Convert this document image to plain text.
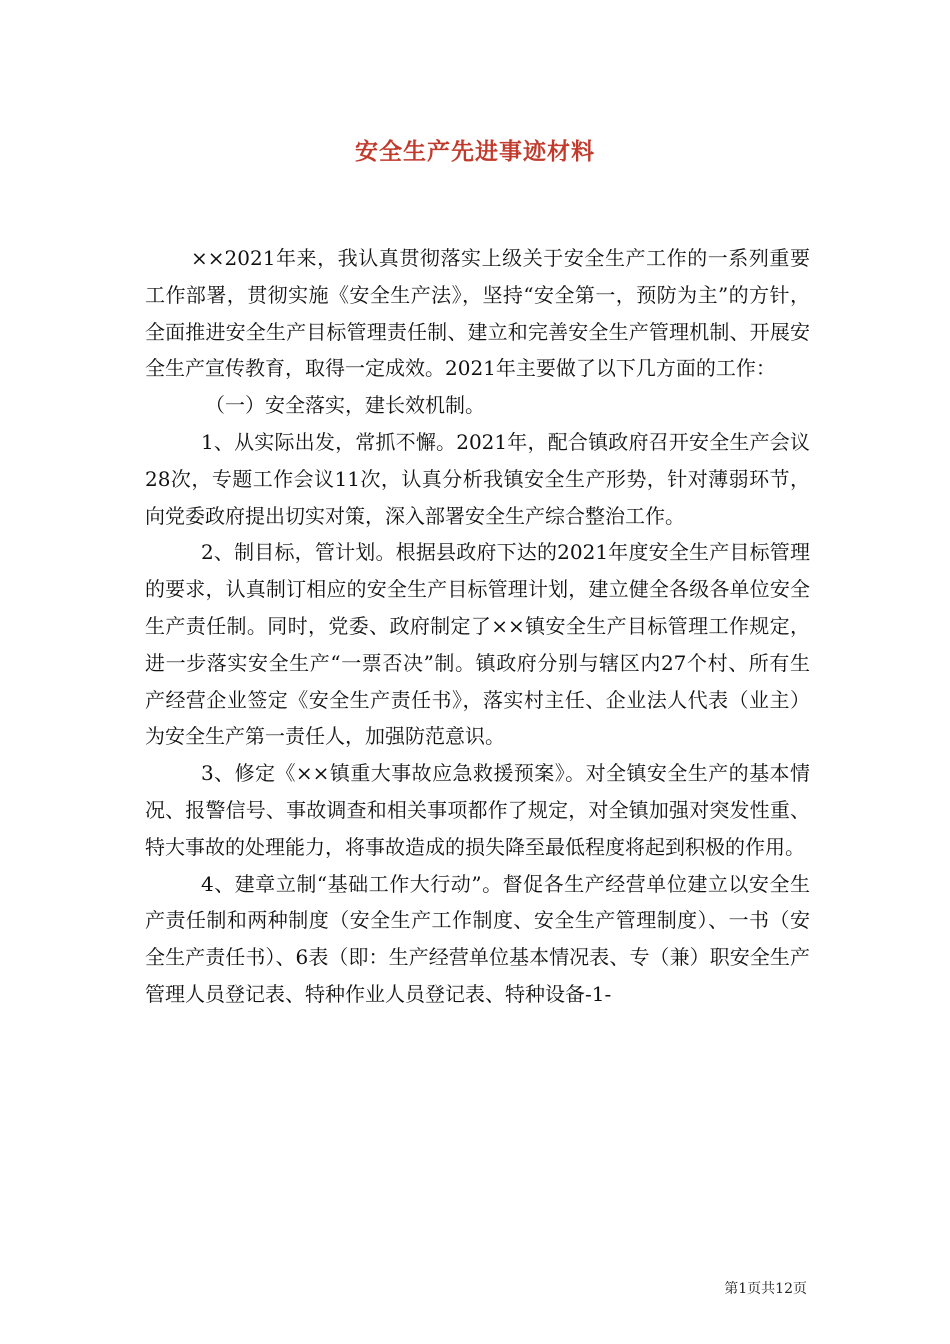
安全生产先进事迹材料

××2021年来，我认真贯彻落实上级关于安全生产工作的一系列重要工作部署，贯彻实施《安全生产法》，坚持“安全第一，预防为主”的方针，全面推进安全生产目标管理责任制、建立和完善安全生产管理机制、开展安全生产宣传教育，取得一定成效。2021年主要做了以下几方面的工作：

（一）安全落实，建长效机制。

1、从实际出发，常抓不懈。2021年，配合镇政府召开安全生产会议28次，专题工作会议11次，认真分析我镇安全生产形势，针对薄弱环节，向党委政府提出切实对策，深入部署安全生产综合整治工作。

2、制目标，管计划。根据县政府下达的2021年度安全生产目标管理的要求，认真制订相应的安全生产目标管理计划，建立健全各级各单位安全生产责任制。同时，党委、政府制定了××镇安全生产目标管理工作规定，进一步落实安全生产“一票否决”制。镇政府分别与辖区内27个村、所有生产经营企业签定《安全生产责任书》，落实村主任、企业法人代表（业主）为安全生产第一责任人，加强防范意识。

3、修定《××镇重大事故应急救援预案》。对全镇安全生产的基本情况、报警信号、事故调查和相关事项都作了规定，对全镇加强对突发性重、特大事故的处理能力，将事故造成的损失降至最低程度将起到积极的作用。

4、建章立制“基础工作大行动”。督促各生产经营单位建立以安全生产责任制和两种制度（安全生产工作制度、安全生产管理制度）、一书（安全生产责任书）、6表（即：生产经营单位基本情况表、专（兼）职安全生产管理人员登记表、特种作业人员登记表、特种设备-1-

第1页共12页
